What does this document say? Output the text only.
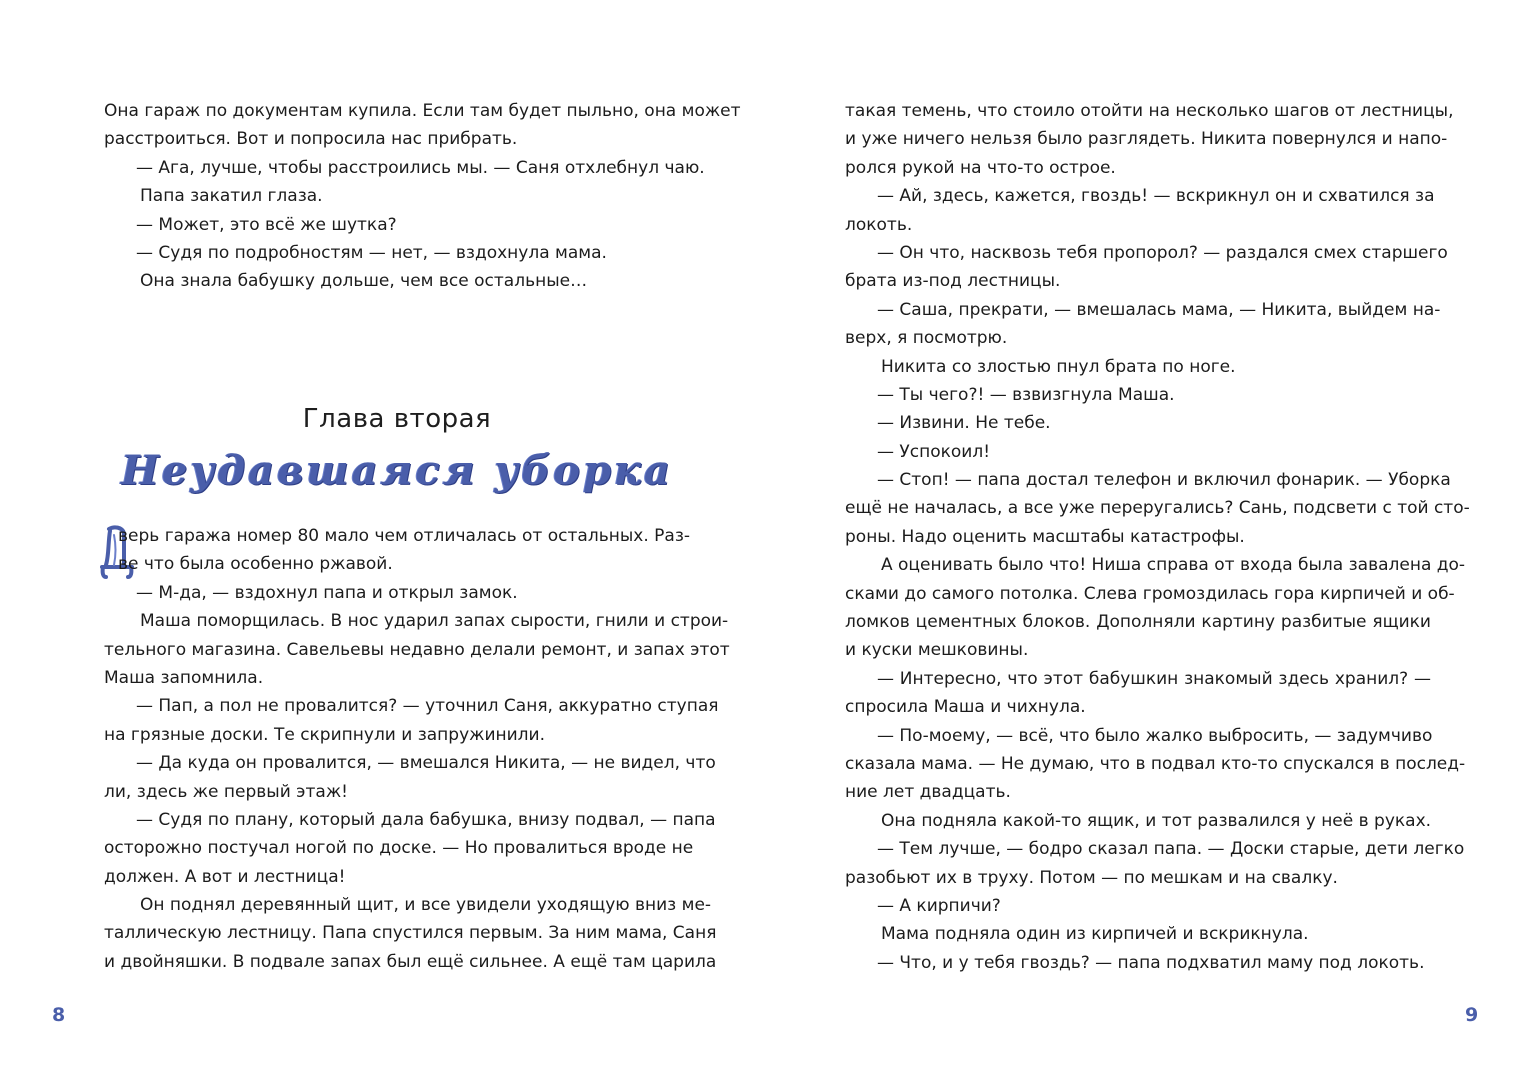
Она гараж по документам купила. Если там будет пыльно, она может
расстроиться. Вот и попросила нас прибрать.
— Ага, лучше, чтобы расстроились мы. — Саня отхлебнул чаю.
Папа закатил глаза.
— Может, это всё же шутка?
— Судя по подробностям — нет, — вздохнула мама.
Она знала бабушку дольше, чем все остальные…
Глава вторая
Неудавшаяся уборка
верь гаража номер 80 мало чем отличалась от остальных. Раз-
ве что была особенно ржавой.
— М-да, — вздохнул папа и открыл замок.
Маша поморщилась. В нос ударил запах сырости, гнили и строи-
тельного магазина. Савельевы недавно делали ремонт, и запах этот
Маша запомнила.
— Пап, а пол не провалится? — уточнил Саня, аккуратно ступая
на грязные доски. Те скрипнули и запружинили.
— Да куда он провалится, — вмешался Никита, — не видел, что
ли, здесь же первый этаж!
— Судя по плану, который дала бабушка, внизу подвал, — папа
осторожно постучал ногой по доске. — Но провалиться вроде не
должен. А вот и лестница!
Он поднял деревянный щит, и все увидели уходящую вниз ме-
таллическую лестницу. Папа спустился первым. За ним мама, Саня
и двойняшки. В подвале запах был ещё сильнее. А ещё там царила
8
такая темень, что стоило отойти на несколько шагов от лестницы,
и уже ничего нельзя было разглядеть. Никита повернулся и напо-
ролся рукой на что-то острое.
— Ай, здесь, кажется, гвоздь! — вскрикнул он и схватился за
локоть.
— Он что, насквозь тебя пропорол? — раздался смех старшего
брата из-под лестницы.
— Саша, прекрати, — вмешалась мама, — Никита, выйдем на-
верх, я посмотрю.
Никита со злостью пнул брата по ноге.
— Ты чего?! — взвизгнула Маша.
— Извини. Не тебе.
— Успокоил!
— Стоп! — папа достал телефон и включил фонарик. — Уборка
ещё не началась, а все уже переругались? Сань, подсвети с той сто-
роны. Надо оценить масштабы катастрофы.
А оценивать было что! Ниша справа от входа была завалена до-
сками до самого потолка. Слева громоздилась гора кирпичей и об-
ломков цементных блоков. Дополняли картину разбитые ящики
и куски мешковины.
— Интересно, что этот бабушкин знакомый здесь хранил? —
спросила Маша и чихнула.
— По-моему, — всё, что было жалко выбросить, — задумчиво
сказала мама. — Не думаю, что в подвал кто-то спускался в послед-
ние лет двадцать.
Она подняла какой-то ящик, и тот развалился у неё в руках.
— Тем лучше, — бодро сказал папа. — Доски старые, дети легко
разобьют их в труху. Потом — по мешкам и на свалку.
— А кирпичи?
Мама подняла один из кирпичей и вскрикнула.
— Что, и у тебя гвоздь? — папа подхватил маму под локоть.
9
